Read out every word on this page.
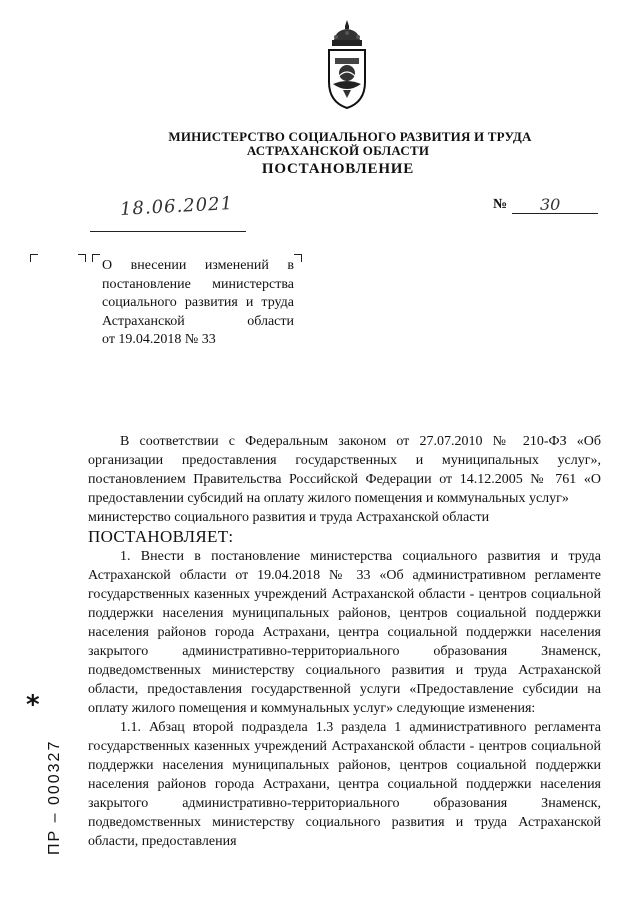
МИНИСТЕРСТВО СОЦИАЛЬНОГО РАЗВИТИЯ И ТРУДА
АСТРАХАНСКОЙ ОБЛАСТИ
ПОСТАНОВЛЕНИЕ
18.06.2021	№ 30
О внесении изменений в
постановление министерства
социального развития и труда
Астраханской области
от 19.04.2018 № 33

В соответствии с Федеральным законом от 27.07.2010 № 210-ФЗ «Об организации предоставления государственных и муниципальных услуг», постановлением Правительства Российской Федерации от 14.12.2005 № 761 «О предоставлении субсидий на оплату жилого помещения и коммунальных услуг»

министерство социального развития и труда Астраханской области

ПОСТАНОВЛЯЕТ:

1. Внести в постановление министерства социального развития и труда Астраханской области от 19.04.2018 № 33 «Об административном регламенте государственных казенных учреждений Астраханской области - центров социальной поддержки населения муниципальных районов, центров социальной поддержки населения районов города Астрахани, центра социальной поддержки населения закрытого административно-территориального образования Знаменск, подведомственных министерству социального развития и труда Астраханской области, предоставления государственной услуги «Предоставление субсидии на оплату жилого помещения и коммунальных услуг» следующие изменения:

1.1. Абзац второй подраздела 1.3 раздела 1 административного регламента государственных казенных учреждений Астраханской области - центров социальной поддержки населения муниципальных районов, центров социальной поддержки населения районов города Астрахани, центра социальной поддержки населения закрытого административно-территориального образования Знаменск, подведомственных министерству социального развития и труда Астраханской области, предоставления

*
ПР – 000327
